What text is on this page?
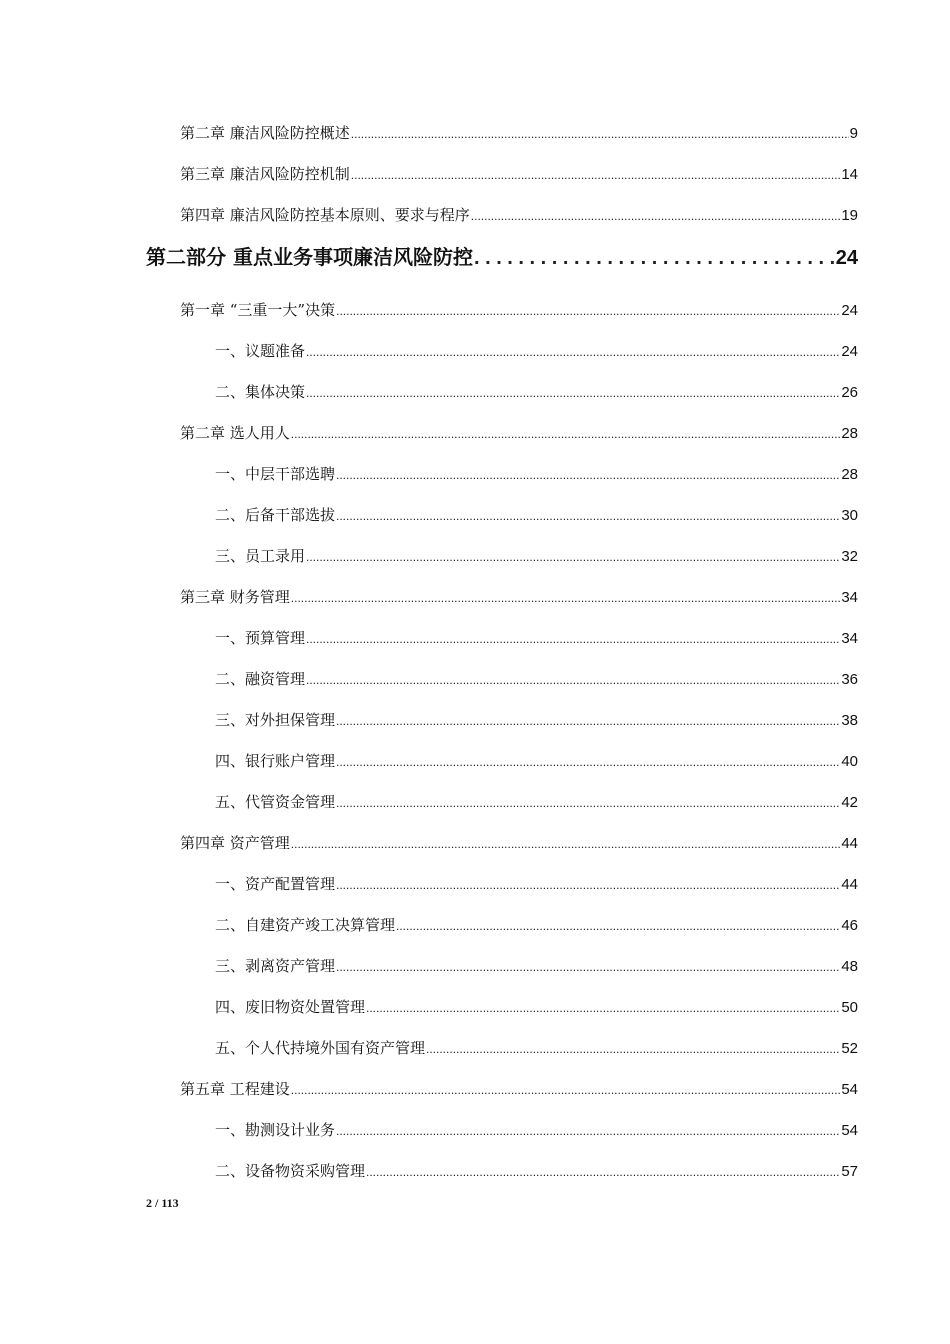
第二章 廉洁风险防控概述 .....	9
第三章 廉洁风险防控机制 .....	14
第四章 廉洁风险防控基本原则、要求与程序 .....	19
第二部分 重点业务事项廉洁风险防控 . . .	24
第一章 “三重一大”决策 .....	24
一、议题准备 .....	24
二、集体决策 .....	26
第二章 选人用人 .....	28
一、中层干部选聘 .....	28
二、后备干部选拔 .....	30
三、员工录用 .....	32
第三章 财务管理 .....	34
一、预算管理 .....	34
二、融资管理 .....	36
三、对外担保管理 .....	38
四、银行账户管理 .....	40
五、代管资金管理 .....	42
第四章 资产管理 .....	44
一、资产配置管理 .....	44
二、自建资产竣工决算管理 .....	46
三、剥离资产管理 .....	48
四、废旧物资处置管理 .....	50
五、个人代持境外国有资产管理 .....	52
第五章 工程建设 .....	54
一、勘测设计业务 .....	54
二、设备物资采购管理 .....	57
2 / 113
